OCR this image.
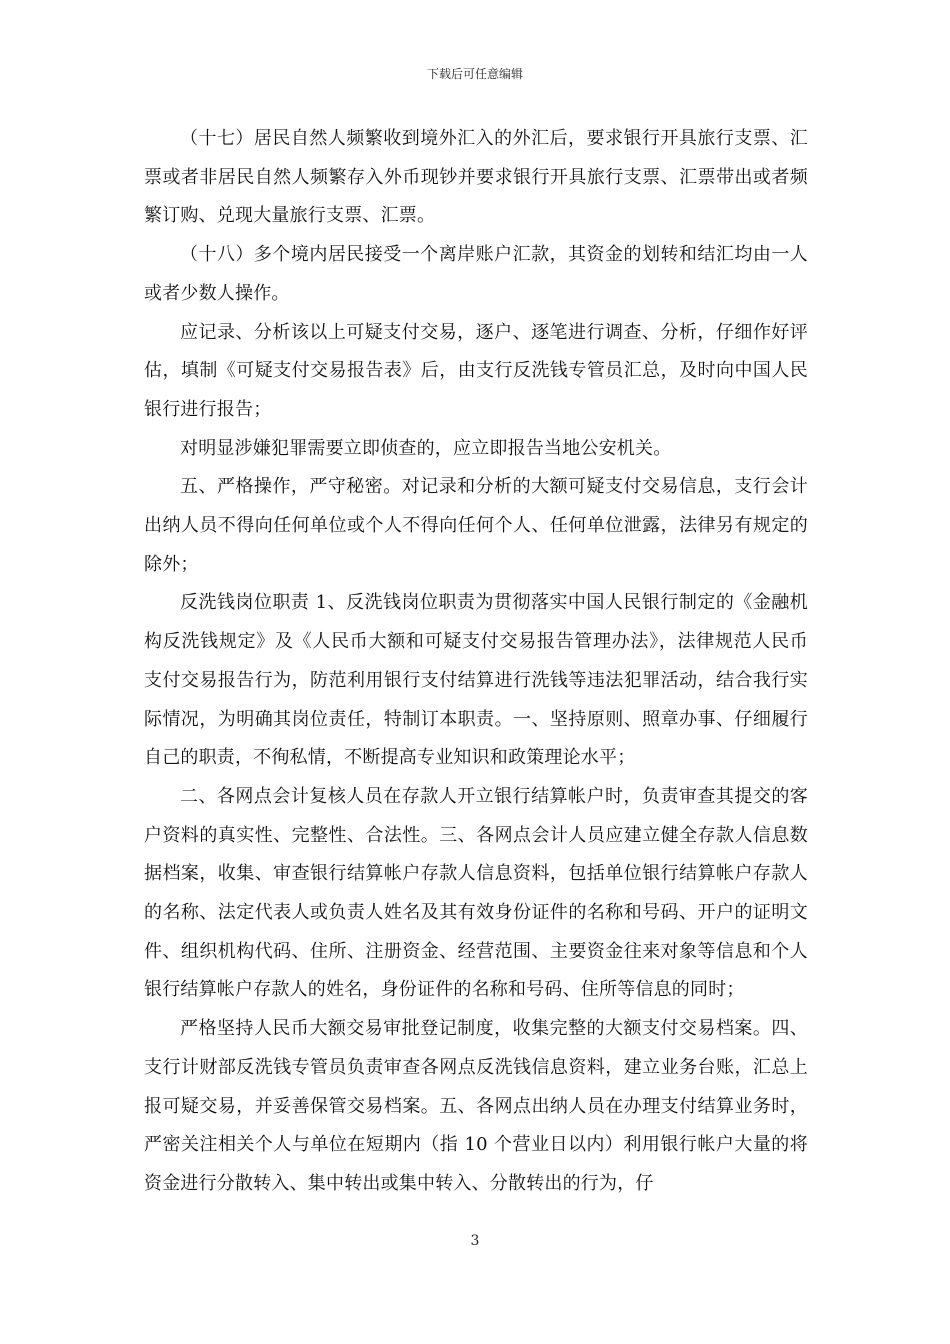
下载后可任意编辑

（十七）居民自然人频繁收到境外汇入的外汇后，要求银行开具旅行支票、汇票或者非居民自然人频繁存入外币现钞并要求银行开具旅行支票、汇票带出或者频繁订购、兑现大量旅行支票、汇票。

（十八）多个境内居民接受一个离岸账户汇款，其资金的划转和结汇均由一人或者少数人操作。

应记录、分析该以上可疑支付交易，逐户、逐笔进行调查、分析，仔细作好评估，填制《可疑支付交易报告表》后，由支行反洗钱专管员汇总，及时向中国人民银行进行报告；

对明显涉嫌犯罪需要立即侦查的，应立即报告当地公安机关。

五、严格操作，严守秘密。对记录和分析的大额可疑支付交易信息，支行会计出纳人员不得向任何单位或个人不得向任何个人、任何单位泄露，法律另有规定的除外；

反洗钱岗位职责 1、反洗钱岗位职责为贯彻落实中国人民银行制定的《金融机构反洗钱规定》及《人民币大额和可疑支付交易报告管理办法》，法律规范人民币支付交易报告行为，防范利用银行支付结算进行洗钱等违法犯罪活动，结合我行实际情况，为明确其岗位责任，特制订本职责。一、坚持原则、照章办事、仔细履行自己的职责，不徇私情，不断提高专业知识和政策理论水平；

二、各网点会计复核人员在存款人开立银行结算帐户时，负责审查其提交的客户资料的真实性、完整性、合法性。三、各网点会计人员应建立健全存款人信息数据档案，收集、审查银行结算帐户存款人信息资料，包括单位银行结算帐户存款人的名称、法定代表人或负责人姓名及其有效身份证件的名称和号码、开户的证明文件、组织机构代码、住所、注册资金、经营范围、主要资金往来对象等信息和个人银行结算帐户存款人的姓名，身份证件的名称和号码、住所等信息的同时；

严格坚持人民币大额交易审批登记制度，收集完整的大额支付交易档案。四、支行计财部反洗钱专管员负责审查各网点反洗钱信息资料，建立业务台账，汇总上报可疑交易，并妥善保管交易档案。五、各网点出纳人员在办理支付结算业务时，严密关注相关个人与单位在短期内（指 10 个营业日以内）利用银行帐户大量的将资金进行分散转入、集中转出或集中转入、分散转出的行为，仔

3
